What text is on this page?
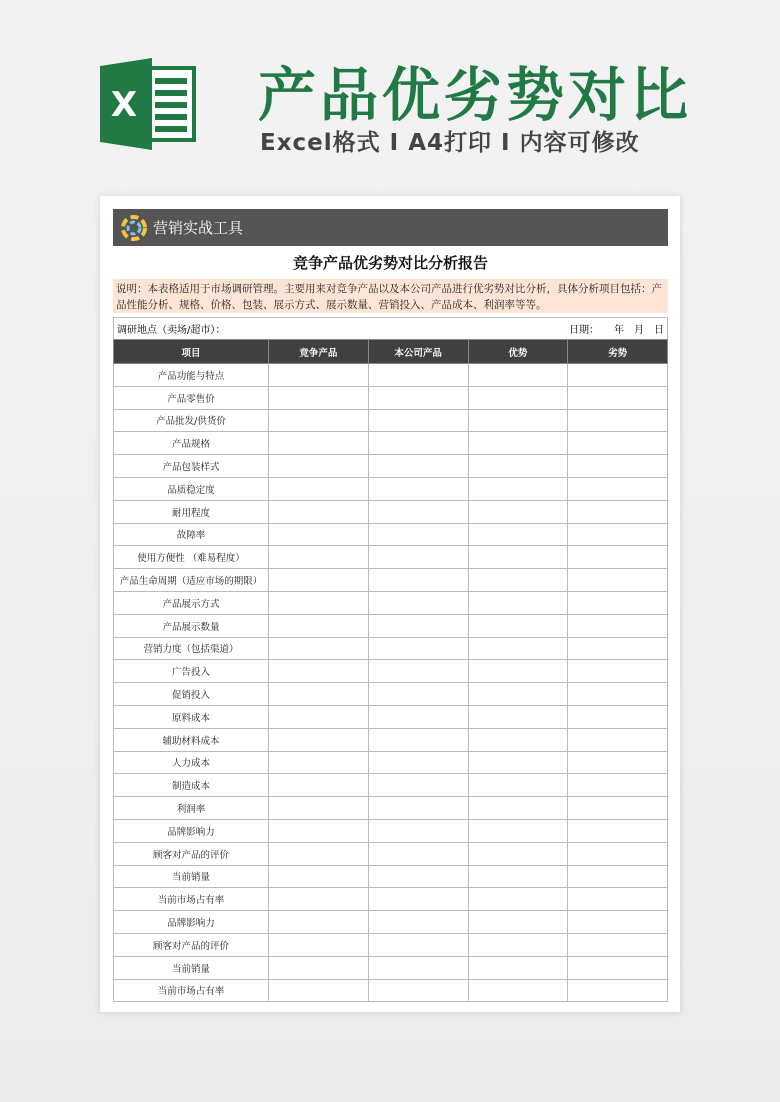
X 产品优劣势对比
Excel格式 I A4打印 I 内容可修改
营销实战工具
竞争产品优劣势对比分析报告
说明：本表格适用于市场调研管理。主要用来对竞争产品以及本公司产品进行优劣势对比分析，具体分析项目包括：产品性能分析、规格、价格、包装、展示方式、展示数量、营销投入、产品成本、利润率等等。
调研地点（卖场/超市）：	日期：　　年　月　日
项目	竞争产品	本公司产品	优势	劣势
产品功能与特点				
产品零售价				
产品批发/供货价				
产品规格				
产品包装样式				
品质稳定度				
耐用程度				
故障率				
使用方便性 （难易程度）				
产品生命周期（适应市场的期限）				
产品展示方式				
产品展示数量				
营销力度（包括渠道）				
广告投入				
促销投入				
原料成本				
辅助材料成本				
人力成本				
制造成本				
利润率				
品牌影响力				
顾客对产品的评价				
当前销量				
当前市场占有率				
品牌影响力				
顾客对产品的评价				
当前销量				
当前市场占有率				
